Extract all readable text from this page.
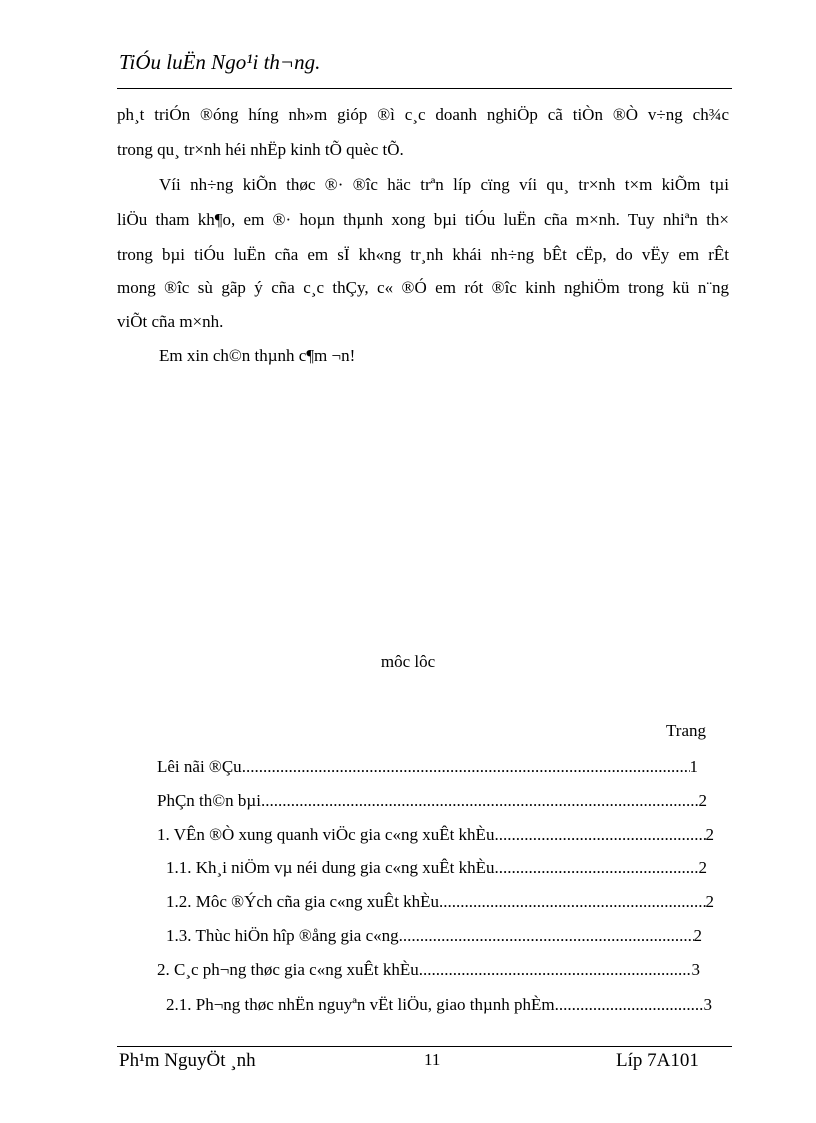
TiÓu luËn Ngo¹i th¬ng.
ph¸t triÓn ®óng híng nh»m gióp ®ì c¸c doanh nghiÖp cã tiÒn ®Ò v÷ng ch¾c
trong qu¸ tr×nh héi nhËp kinh tÕ quèc tÕ.
Víi nh÷ng kiÕn thøc ®· ®îc häc trªn líp cïng víi qu¸ tr×nh t×m kiÕm tµi
liÖu tham kh¶o, em ®· hoµn thµnh xong bµi tiÓu luËn cña m×nh. Tuy nhiªn th×
trong bµi tiÓu luËn cña em sÏ kh«ng tr¸nh khái nh÷ng bÊt cËp, do vËy em rÊt
mong ®îc sù gãp ý cña c¸c thÇy, c« ®Ó em rót ®îc kinh nghiÖm trong kü n¨ng
viÕt cña m×nh.
Em xin ch©n thµnh c¶m ¬n!
môc lôc
Trang
Lêi nãi ®Çu .....	1
PhÇn th©n bµi .....	2
1. VÊn ®Ò xung quanh viÖc gia c«ng xuÊt khÈu .....	2
1.1. Kh¸i niÖm vµ néi dung gia c«ng xuÊt khÈu .....	2
1.2. Môc ®Ých cña gia c«ng xuÊt khÈu .....	2
1.3. Thùc hiÖn hîp ®ång gia c«ng .....	2
2. C¸c ph¬ng thøc gia c«ng xuÊt khÈu .....	3
2.1. Ph¬ng thøc nhËn nguyªn vËt liÖu, giao thµnh phÈm .....	3
Ph¹m NguyÖt ¸nh	11	Líp 7A101
